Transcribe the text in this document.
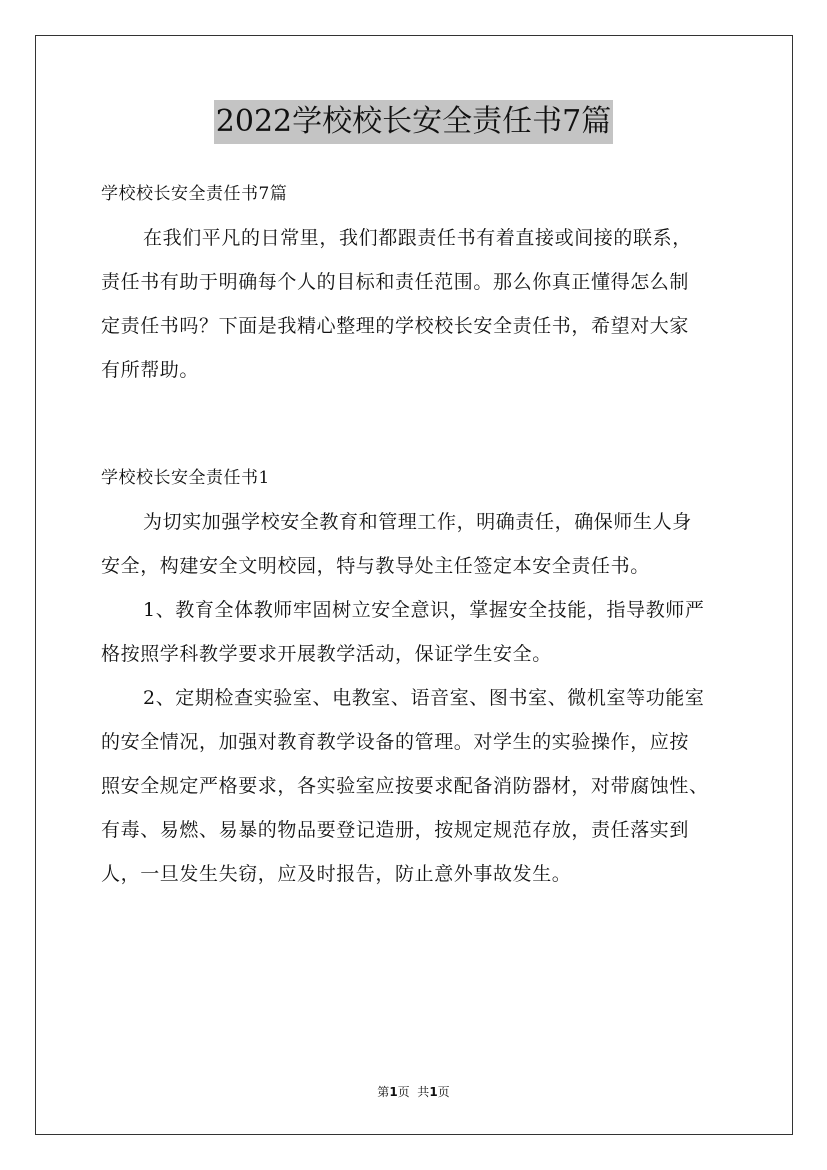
2022学校校长安全责任书7篇
学校校长安全责任书7篇
在我们平凡的日常里，我们都跟责任书有着直接或间接的联系，
责任书有助于明确每个人的目标和责任范围。那么你真正懂得怎么制
定责任书吗？下面是我精心整理的学校校长安全责任书，希望对大家
有所帮助。
学校校长安全责任书1
为切实加强学校安全教育和管理工作，明确责任，确保师生人身
安全，构建安全文明校园，特与教导处主任签定本安全责任书。
1、教育全体教师牢固树立安全意识，掌握安全技能，指导教师严
格按照学科教学要求开展教学活动，保证学生安全。
2、定期检查实验室、电教室、语音室、图书室、微机室等功能室
的安全情况，加强对教育教学设备的管理。对学生的实验操作，应按
照安全规定严格要求，各实验室应按要求配备消防器材，对带腐蚀性、
有毒、易燃、易暴的物品要登记造册，按规定规范存放，责任落实到
人，一旦发生失窃，应及时报告，防止意外事故发生。
第1页  共1页
